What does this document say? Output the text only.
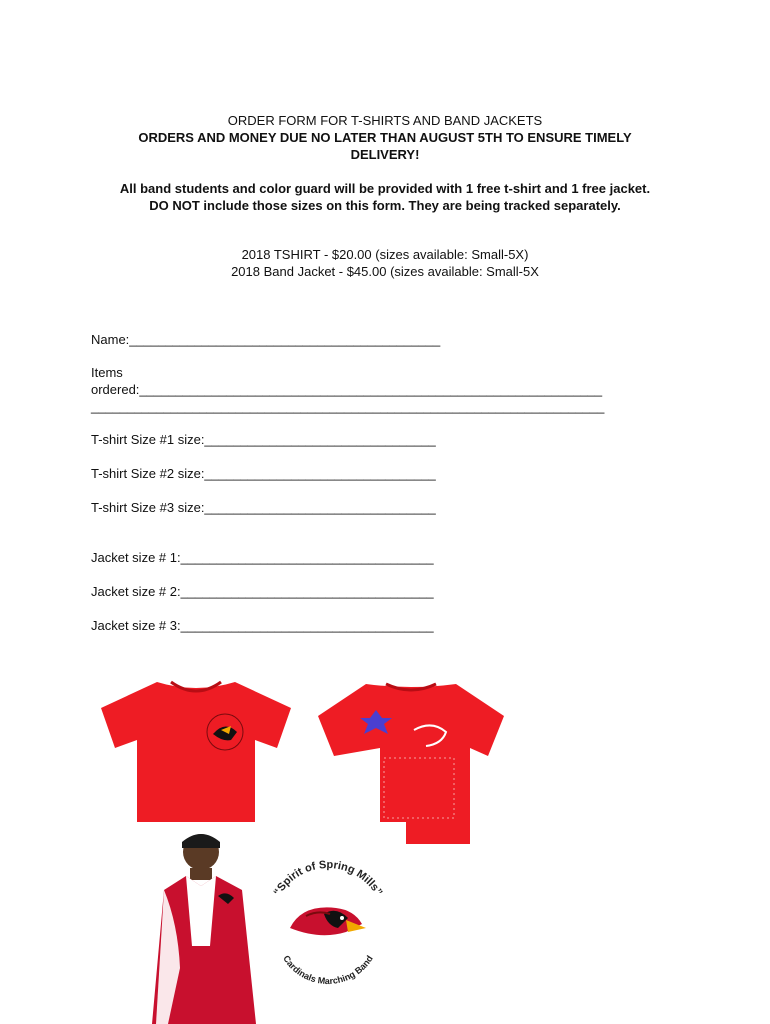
ORDER FORM FOR T-SHIRTS AND BAND JACKETS
ORDERS AND MONEY DUE NO LATER THAN AUGUST 5TH TO ENSURE TIMELY
DELIVERY!
All band students and color guard will be provided with 1 free t-shirt and 1 free jacket.
DO NOT include those sizes on this form. They are being tracked separately.
2018 TSHIRT - $20.00 (sizes available: Small-5X)
2018 Band Jacket - $45.00 (sizes available: Small-5X
Name:___________________________________________
Items
ordered:________________________________________________________________
_______________________________________________________________________
T-shirt Size #1 size:________________________________
T-shirt Size #2 size:________________________________
T-shirt Size #3 size:________________________________
Jacket size # 1:___________________________________
Jacket size # 2:___________________________________
Jacket size # 3:___________________________________
“Spirit of Spring Mills”
Cardinals Marching Band
